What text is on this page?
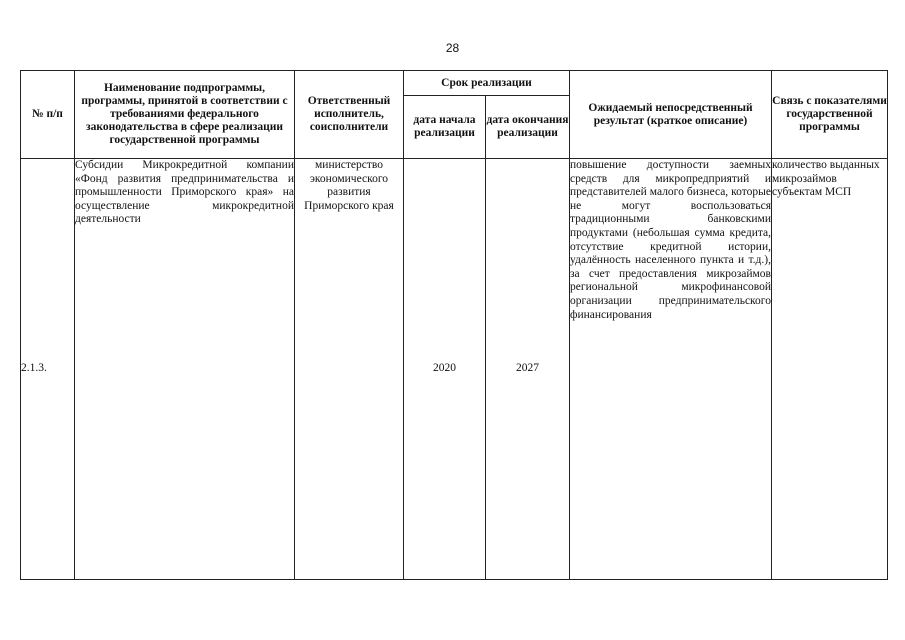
28
№ п/п	Наименование подпрограммы, программы, принятой в соответствии с требованиями федерального законодательства в сфере реализации государственной программы	Ответственный исполнитель, соисполнители	Срок реализации		Ожидаемый непосредственный результат (краткое описание)	Связь с показателями государственной программы
			дата начала реализации	дата окончания реализации		
2.1.3.	Субсидии Микрокредитной компании «Фонд развития предпринимательства и промышленности Приморского края» на осуществление микрокредитной деятельности	министерство экономического развития Приморского края	2020	2027	повышение доступности заемных средств для микропредприятий и представителей малого бизнеса, которые не могут воспользоваться традиционными банковскими продуктами (небольшая сумма кредита, отсутствие кредитной истории, удалённость населенного пункта и т.д.), за счет предоставления микрозаймов региональной микрофинансовой организации предпринимательского финансирования	количество выданных микрозаймов субъектам МСП
